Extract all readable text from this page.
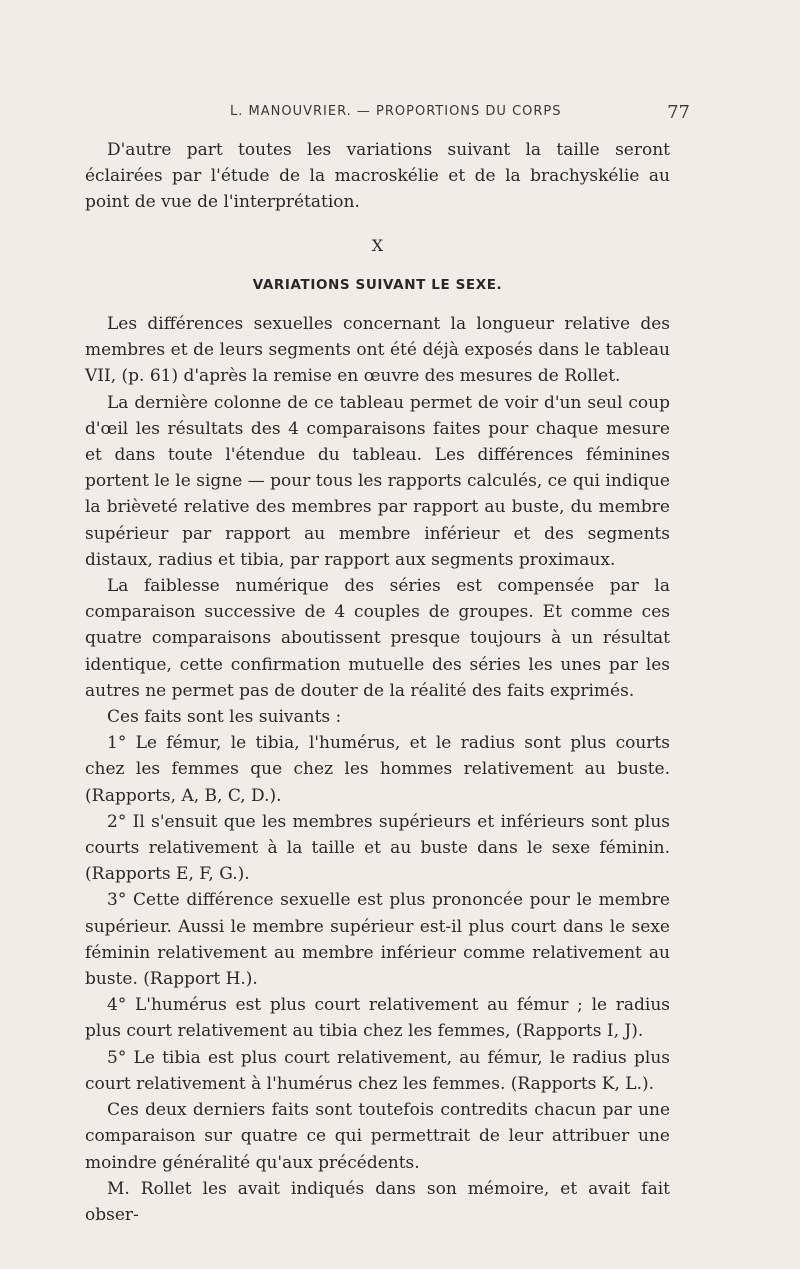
L. MANOUVRIER. — PROPORTIONS DU CORPS	77

D'autre part toutes les variations suivant la taille seront éclairées par l'étude de la macroskélie et de la brachyskélie au point de vue de l'interprétation.

X
VARIATIONS SUIVANT LE SEXE.

Les différences sexuelles concernant la longueur relative des membres et de leurs segments ont été déjà exposés dans le tableau VII, (p. 61) d'après la remise en œuvre des mesures de Rollet.

La dernière colonne de ce tableau permet de voir d'un seul coup d'œil les résultats des 4 comparaisons faites pour chaque mesure et dans toute l'étendue du tableau. Les différences féminines portent le le signe — pour tous les rapports calculés, ce qui indique la brièveté relative des membres par rapport au buste, du membre supérieur par rapport au membre inférieur et des segments distaux, radius et tibia, par rapport aux segments proximaux.

La faiblesse numérique des séries est compensée par la comparaison successive de 4 couples de groupes. Et comme ces quatre comparaisons aboutissent presque toujours à un résultat identique, cette confirmation mutuelle des séries les unes par les autres ne permet pas de douter de la réalité des faits exprimés.

Ces faits sont les suivants :

1° Le fémur, le tibia, l'humérus, et le radius sont plus courts chez les femmes que chez les hommes relativement au buste. (Rapports, A, B, C, D.).

2° Il s'ensuit que les membres supérieurs et inférieurs sont plus courts relativement à la taille et au buste dans le sexe féminin. (Rapports E, F, G.).

3° Cette différence sexuelle est plus prononcée pour le membre supérieur. Aussi le membre supérieur est-il plus court dans le sexe féminin relativement au membre inférieur comme relativement au buste. (Rapport H.).

4° L'humérus est plus court relativement au fémur ; le radius plus court relativement au tibia chez les femmes, (Rapports I, J).

5° Le tibia est plus court relativement, au fémur, le radius plus court relativement à l'humérus chez les femmes. (Rapports K, L.).

Ces deux derniers faits sont toutefois contredits chacun par une comparaison sur quatre ce qui permettrait de leur attribuer une moindre généralité qu'aux précédents.

M. Rollet les avait indiqués dans son mémoire, et avait fait obser-
